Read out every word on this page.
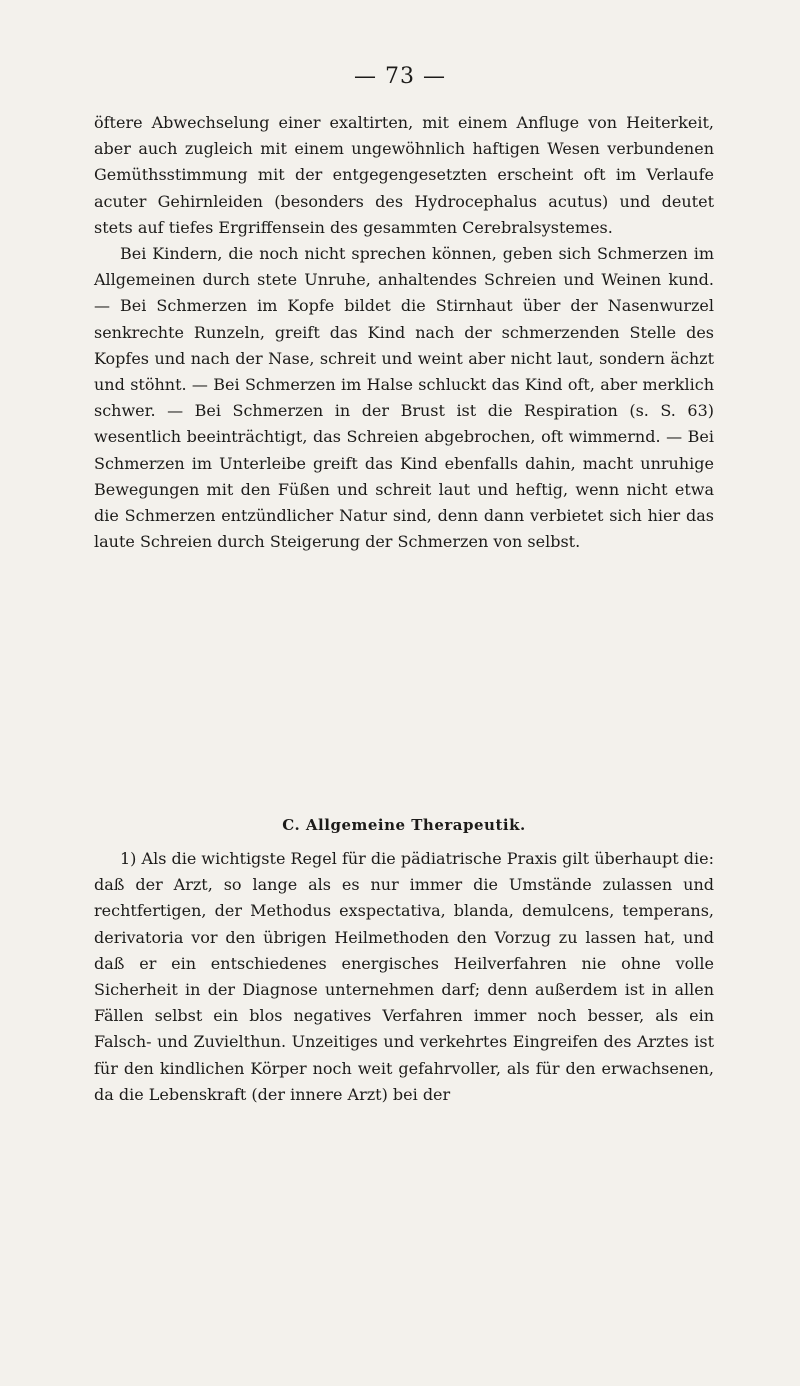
— 73 —

öftere Abwechselung einer exaltirten, mit einem Anfluge von Heiterkeit, aber auch zugleich mit einem ungewöhnlich haftigen Wesen verbundenen Gemüthsstimmung mit der entgegengesetzten erscheint oft im Verlaufe acuter Gehirnleiden (besonders des Hydrocephalus acutus) und deutet stets auf tiefes Ergriffensein des gesammten Cerebralsystemes.

Bei Kindern, die noch nicht sprechen können, geben sich Schmerzen im Allgemeinen durch stete Unruhe, anhaltendes Schreien und Weinen kund. — Bei Schmerzen im Kopfe bildet die Stirnhaut über der Nasenwurzel senkrechte Runzeln, greift das Kind nach der schmerzenden Stelle des Kopfes und nach der Nase, schreit und weint aber nicht laut, sondern ächzt und stöhnt. — Bei Schmerzen im Halse schluckt das Kind oft, aber merklich schwer. — Bei Schmerzen in der Brust ist die Respiration (s. S. 63) wesentlich beeinträchtigt, das Schreien abgebrochen, oft wimmernd. — Bei Schmerzen im Unterleibe greift das Kind ebenfalls dahin, macht unruhige Bewegungen mit den Füßen und schreit laut und heftig, wenn nicht etwa die Schmerzen entzündlicher Natur sind, denn dann verbietet sich hier das laute Schreien durch Steigerung der Schmerzen von selbst.

C. Allgemeine Therapeutik.

1) Als die wichtigste Regel für die pädiatrische Praxis gilt überhaupt die: daß der Arzt, so lange als es nur immer die Umstände zulassen und rechtfertigen, der Methodus exspectativa, blanda, demulcens, temperans, derivatoria vor den übrigen Heilmethoden den Vorzug zu lassen hat, und daß er ein entschiedenes energisches Heilverfahren nie ohne volle Sicherheit in der Diagnose unternehmen darf; denn außerdem ist in allen Fällen selbst ein blos negatives Verfahren immer noch besser, als ein Falsch- und Zuvielthun. Unzeitiges und verkehrtes Eingreifen des Arztes ist für den kindlichen Körper noch weit gefahrvoller, als für den erwachsenen, da die Lebenskraft (der innere Arzt) bei der
